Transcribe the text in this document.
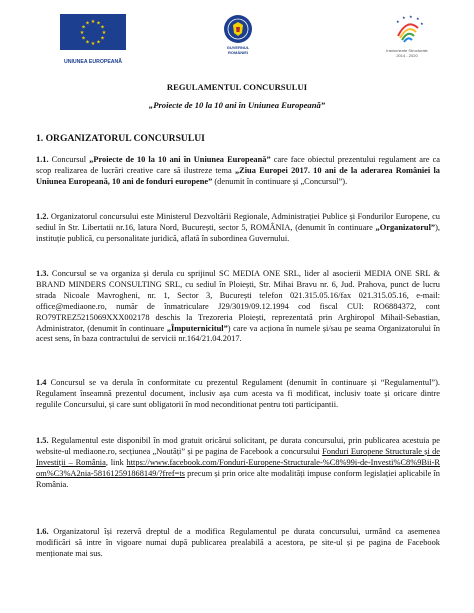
★ ★
★
★
★
★
★
★
★
★
★
★
UNIUNEA EUROPEANĂ
GUVERNUL ROMÂNIEI
★
★ ★ ★
★
Instrumente Structurale
2014 - 2020
REGULAMENTUL CONCURSULUI
„Proiecte de 10 la 10 ani în Uniunea Europeană”
1. ORGANIZATORUL CONCURSULUI
1.1. Concursul „Proiecte de 10 la 10 ani în Uniunea Europeană” care face obiectul prezentului regulament are ca scop realizarea de lucrări creative care să ilustreze tema „Ziua Europei 2017. 10 ani de la aderarea României la Uniunea Europeană, 10 ani de fonduri europene” (denumit în continuare și „Concursul”).
1.2. Organizatorul concursului este Ministerul Dezvoltării Regionale, Administrației Publice și Fondurilor Europene, cu sediul în Str. Libertatii nr.16, latura Nord, București, sector 5, ROMÂNIA, (denumit în continuare „Organizatorul”), instituție publică, cu personalitate juridică, aflată în subordinea Guvernului.
1.3. Concursul se va organiza și derula cu sprijinul SC MEDIA ONE SRL, lider al asocierii MEDIA ONE SRL & BRAND MINDERS CONSULTING SRL, cu sediul în Ploiești, Str. Mihai Bravu nr. 6, Jud. Prahova, punct de lucru strada Nicoale Mavrogheni, nr. 1, Sector 3, București telefon 021.315.05.16/fax 021.315.05.16, e-mail: office@mediaone.ro, număr de înmatriculare J29/3019/09.12.1994 cod fiscal CUI: RO6884372, cont RO79TREZ5215069XXX002178 deschis la Trezoreria Ploiești, reprezentată prin Arghiropol Mihail-Sebastian, Administrator, (denumit în continuare „Împuternicitul”) care va acționa în numele și/sau pe seama Organizatorului în acest sens, în baza contractului de servicii nr.164/21.04.2017.
1.4 Concursul se va derula în conformitate cu prezentul Regulament (denumit în continuare și “Regulamentul”). Regulament înseamnă prezentul document, inclusiv așa cum acesta va fi modificat, inclusiv toate și oricare dintre regulile Concursului, și care sunt obligatorii în mod neconditionat pentru toti participantii.
1.5. Regulamentul este disponibil în mod gratuit oricărui solicitant, pe durata concursului, prin publicarea acestuia pe website-ul mediaone.ro, secțiunea „Noutăți” și pe pagina de Facebook a concursului Fonduri Europene Structurale și de Investiții – România, link https://www.facebook.com/Fonduri-Europene-Structurale-%C8%99i-de-Investi%C8%9Bii-Rom%C3%A2nia-581612591868149/?fref=ts precum și prin orice alte modalități impuse conform legislației aplicabile în România.
1.6. Organizatorul își rezervă dreptul de a modifica Regulamentul pe durata concursului, urmând ca asemenea modificări să intre în vigoare numai după publicarea prealabilă a acestora, pe site-ul și pe pagina de Facebook menționate mai sus.
